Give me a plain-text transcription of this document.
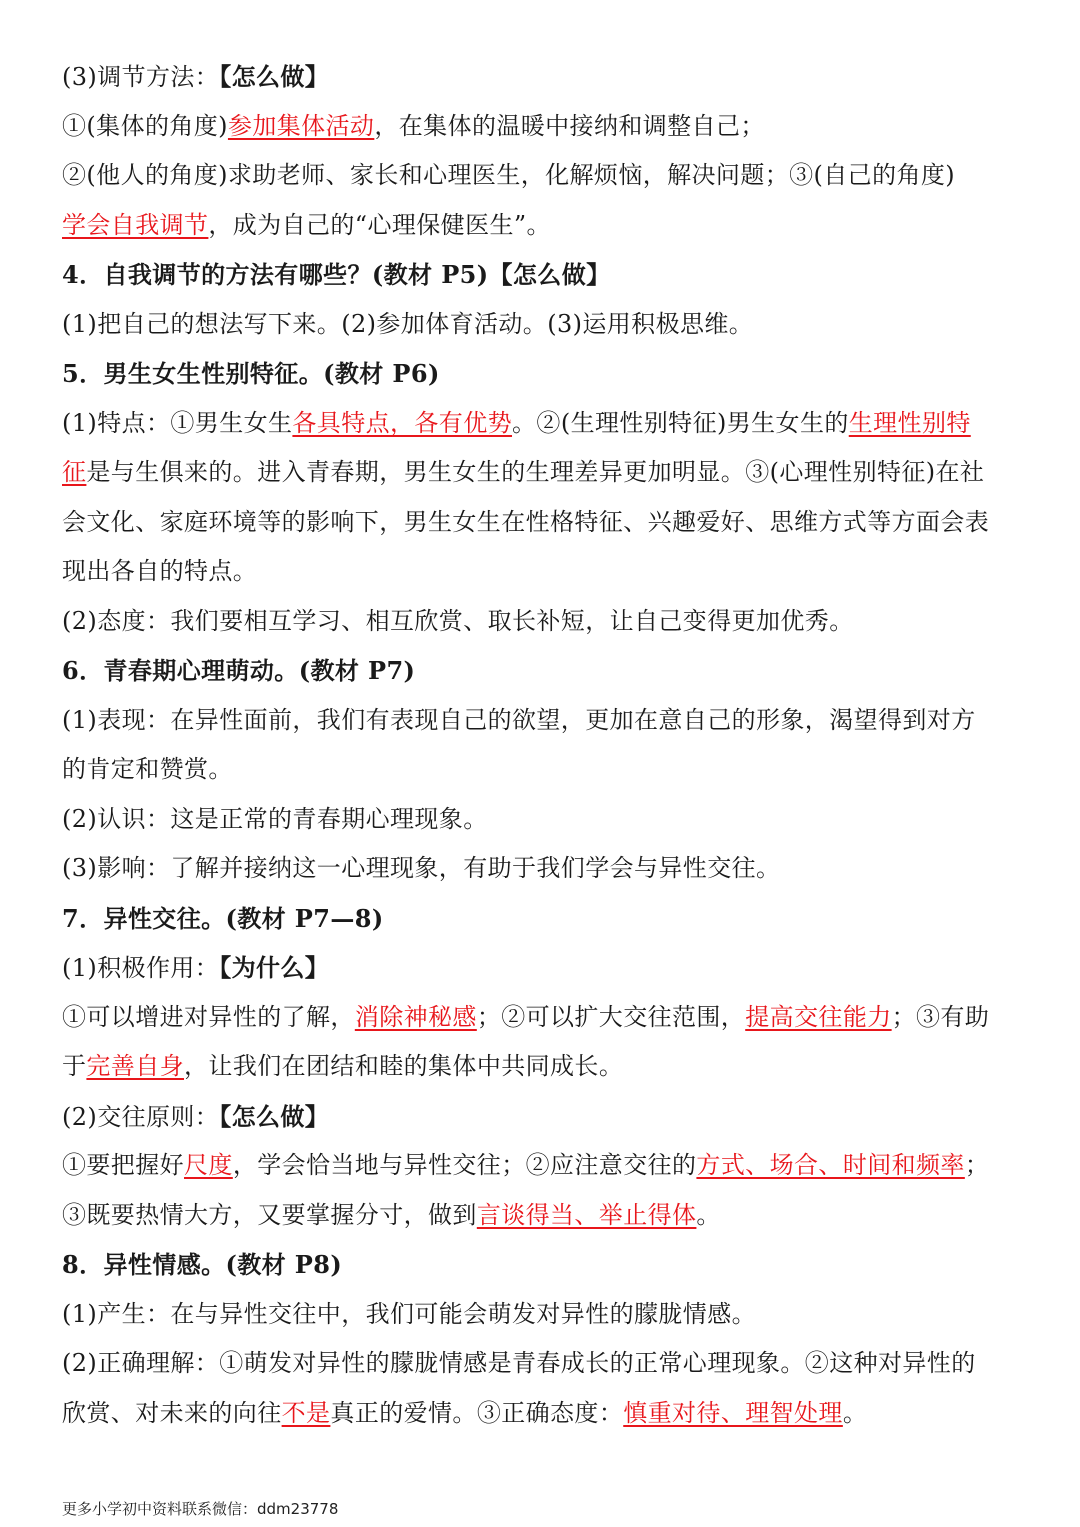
(3)调节方法：【怎么做】
①(集体的角度)参加集体活动，在集体的温暖中接纳和调整自己；
②(他人的角度)求助老师、家长和心理医生，化解烦恼，解决问题；③(自己的角度)
学会自我调节，成为自己的“心理保健医生”。
4．自我调节的方法有哪些？(教材 P5)【怎么做】
(1)把自己的想法写下来。(2)参加体育活动。(3)运用积极思维。
5．男生女生性别特征。(教材 P6)
(1)特点：①男生女生各具特点，各有优势。②(生理性别特征)男生女生的生理性别特
征是与生俱来的。进入青春期，男生女生的生理差异更加明显。③(心理性别特征)在社
会文化、家庭环境等的影响下，男生女生在性格特征、兴趣爱好、思维方式等方面会表
现出各自的特点。
(2)态度：我们要相互学习、相互欣赏、取长补短，让自己变得更加优秀。
6．青春期心理萌动。(教材 P7)
(1)表现：在异性面前，我们有表现自己的欲望，更加在意自己的形象，渴望得到对方
的肯定和赞赏。
(2)认识：这是正常的青春期心理现象。
(3)影响：了解并接纳这一心理现象，有助于我们学会与异性交往。
7．异性交往。(教材 P7—8)
(1)积极作用：【为什么】
①可以增进对异性的了解，消除神秘感；②可以扩大交往范围，提高交往能力；③有助
于完善自身，让我们在团结和睦的集体中共同成长。
(2)交往原则：【怎么做】
①要把握好尺度，学会恰当地与异性交往；②应注意交往的方式、场合、时间和频率；
③既要热情大方，又要掌握分寸，做到言谈得当、举止得体。
8．异性情感。(教材 P8)
(1)产生：在与异性交往中，我们可能会萌发对异性的朦胧情感。
(2)正确理解：①萌发对异性的朦胧情感是青春成长的正常心理现象。②这种对异性的
欣赏、对未来的向往不是真正的爱情。③正确态度：慎重对待、理智处理。
更多小学初中资料联系微信：ddm23778
